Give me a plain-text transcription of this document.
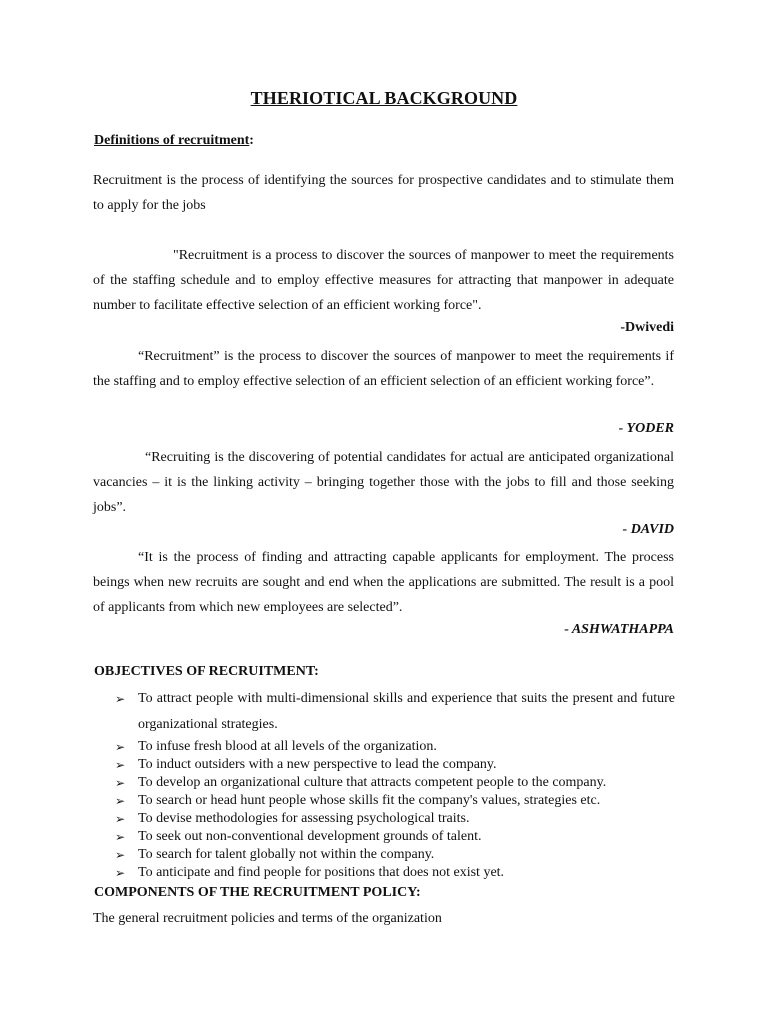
THERIOTICAL BACKGROUND
Definitions of recruitment:
Recruitment is the process of identifying the sources for prospective candidates and to stimulate them to apply for the jobs
"Recruitment is a process to discover the sources of manpower to meet the requirements of the staffing schedule and to employ effective measures for attracting that manpower in adequate number to facilitate effective selection of an efficient working force".
-Dwivedi
“Recruitment” is the process to discover the sources of manpower to meet the requirements if the staffing and to employ effective selection of an efficient selection of an efficient working force”.
- YODER
“Recruiting is the discovering of potential candidates for actual are anticipated organizational vacancies – it is the linking activity – bringing together those with the jobs to fill and those seeking jobs”.
- DAVID
“It is the process of finding and attracting capable applicants for employment. The process beings when new recruits are sought and end when the applications are submitted. The result is a pool of applicants from which new employees are selected”.
- ASHWATHAPPA
OBJECTIVES OF RECRUITMENT:
➢ To attract people with multi-dimensional skills and experience that suits the present and future organizational strategies.
➢ To infuse fresh blood at all levels of the organization.
➢ To induct outsiders with a new perspective to lead the company.
➢ To develop an organizational culture that attracts competent people to the company.
➢ To search or head hunt people whose skills fit the company's values, strategies etc.
➢ To devise methodologies for assessing psychological traits.
➢ To seek out non-conventional development grounds of talent.
➢ To search for talent globally not within the company.
➢ To anticipate and find people for positions that does not exist yet.
COMPONENTS OF THE RECRUITMENT POLICY:
The general recruitment policies and terms of the organization
